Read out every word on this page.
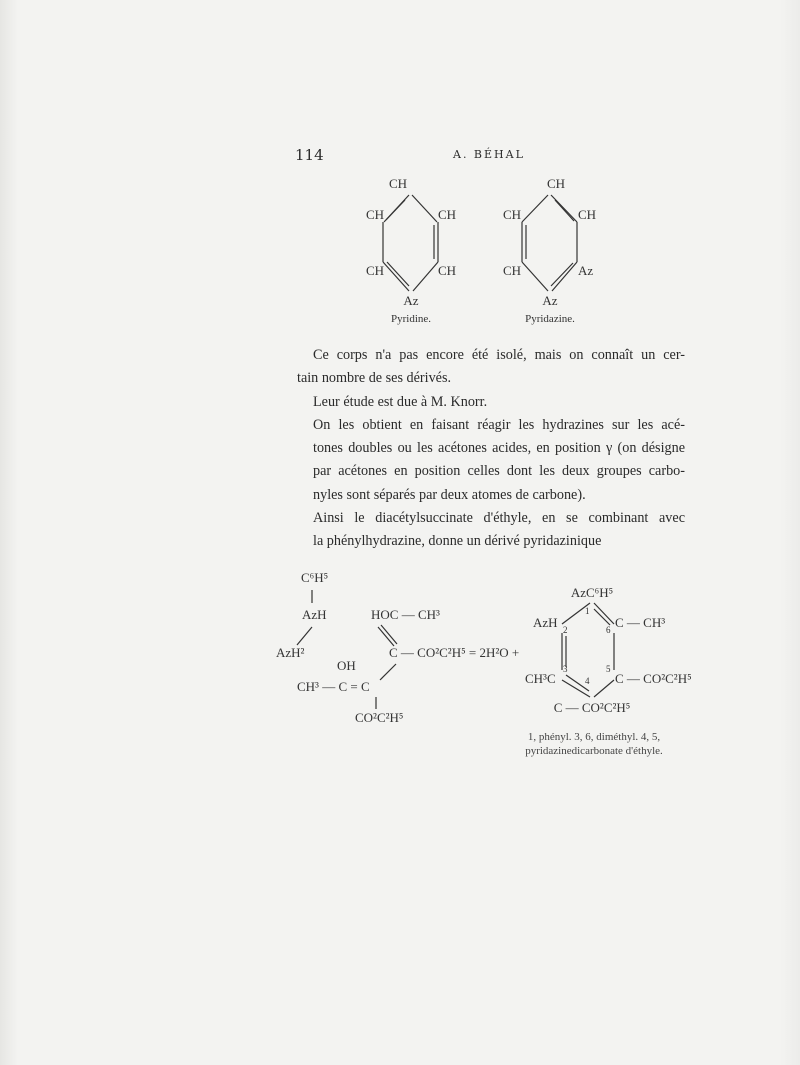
114	A. BÉHAL
CH
CH	CH
CH	CH
Az
Pyridine.
CH
CH	CH
CH	Az
Az
Pyridazine.
C⁶H⁵
AzH
AzH²
OH
CH³ — C = C
HOC — CH³
C — CO²C²H⁵ = 2H²O +
CO²C²H⁵
AzC⁶H⁵
AzH	C — CH³
CH³C	C — CO²C²H⁵
C — CO²C²H⁵
1
2	6
3	5
4

Ce corps n'a pas encore été isolé, mais on connaît un cer-
tain nombre de ses dérivés.

Leur étude est due à M. Knorr.

On les obtient en faisant réagir les hydrazines sur les acé-
tones doubles ou les acétones acides, en position γ (on désigne
par acétones en position celles dont les deux groupes carbo-
nyles sont séparés par deux atomes de carbone).

Ainsi le diacétylsuccinate d'éthyle, en se combinant avec
la phénylhydrazine, donne un dérivé pyridazinique

1, phényl. 3, 6, diméthyl. 4, 5,
pyridazinedicarbonate d'éthyle.
